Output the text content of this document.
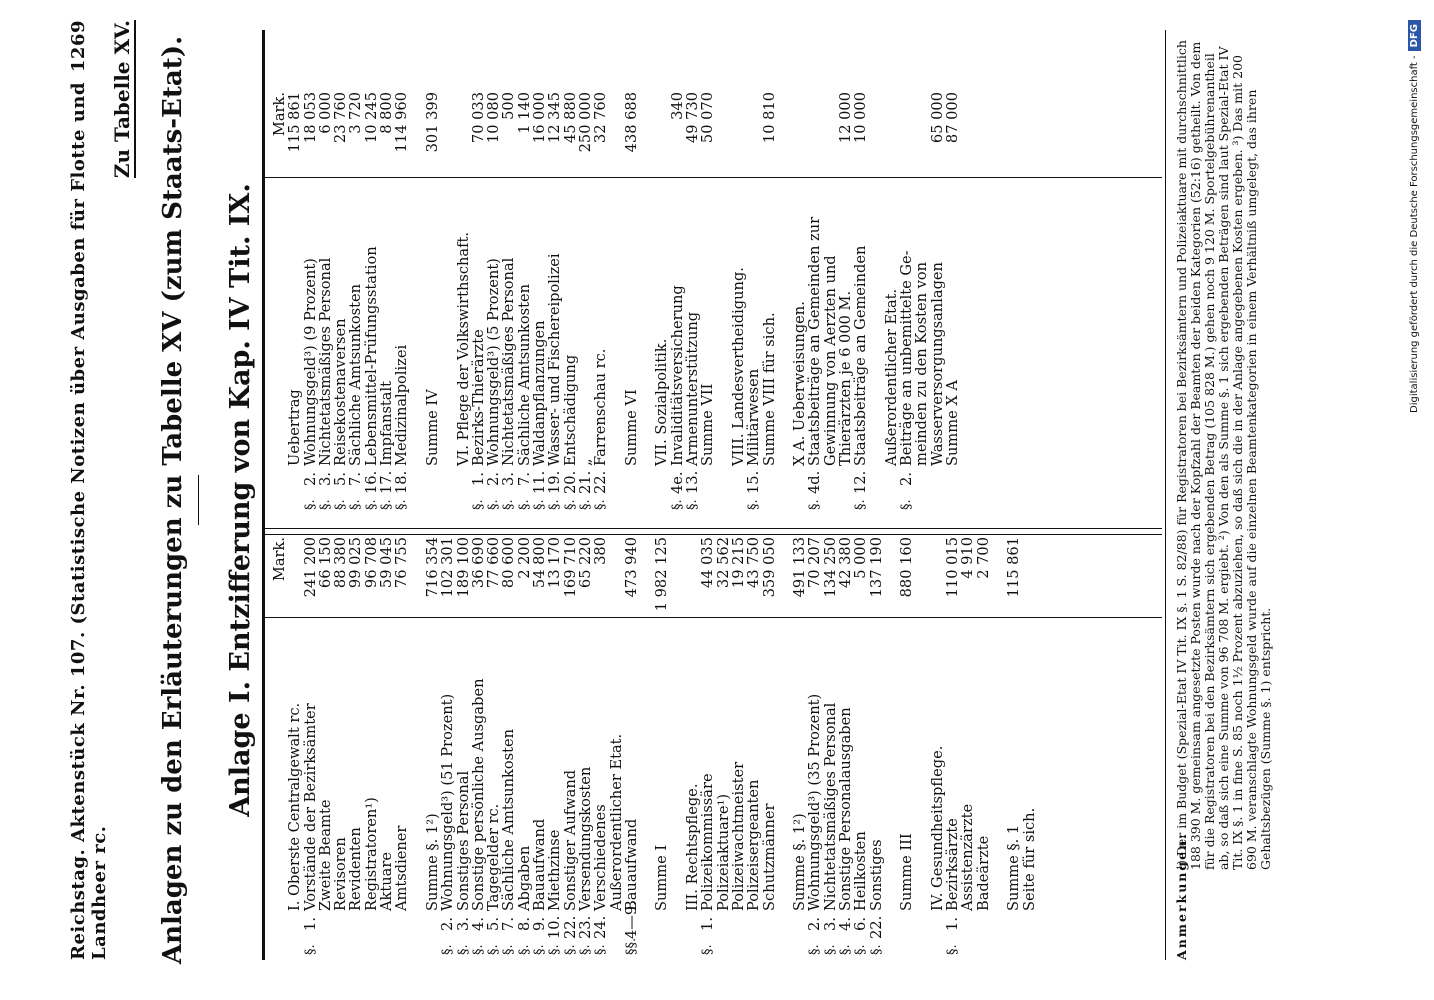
Reichstag. Aktenstück Nr. 107. (Statistische Notizen über Ausgaben für Flotte und Landheer rc.
1269 Zu Tabelle XV. Anlagen zu den Erläuterungen zu Tabelle XV (zum Staats-Etat). Anlage I. Entzifferung von Kap. IV Tit. IX. Mark.
I. Oberste Centralgewalt rc.
§.
1.
Vorstände der Bezirksämter
241 200
Zweite Beamte
66 150
Revisoren
88 380
Revidenten
99 025
Registratoren¹)
96 708
Aktuare
59 045
Amtsdiener
76 755
Summe §. 1²)
716 354
§.
2.
Wohnungsgeld³) (51 Prozent)
102 301
§.
3.
Sonstiges Personal
189 100
§.
4.
Sonstige persönliche Ausgaben
36 690
§.
5.
Tagegelder rc.
77 660
§.
7.
Sächliche Amtsunkosten
80 600
§.
8.
Abgaben
2 200
§.
9.
Bauaufwand
54 800
§.
10.
Miethzinse
13 170
§.
22.
Sonstiger Aufwand
169 710
§.
23.
Versendungskosten
65 220
§.
24.
Verschiedenes
380
Außerordentlicher Etat.
§§.
4—9.
Bauaufwand
473 940
Summe I
1 982 125
III. Rechtspflege.
§.
1.
Polizeikommissäre
44 035
Polizeiaktuare¹)
32 562
Polizeiwachtmeister
19 215
Polizeisergeanten
43 750
Schutzmänner
359 050
Summe §. 1²)
491 133
§.
2.
Wohnungsgeld³) (35 Prozent)
70 207
§.
3.
Nichtetatsmäßiges Personal
134 250
§.
4.
Sonstige Personalausgaben
42 380
§.
6.
Heilkosten
5 000
§.
22.
Sonstiges
137 190
Summe III
880 160
IV. Gesundheitspflege.
§.
1.
Bezirksärzte
110 015
Assistenzärzte
4 910
Badeärzte
2 700
Summe §. 1
115 861
Seite für sich.
Mark.
Uebertrag
115 861
§.
2.
Wohnungsgeld³) (9 Prozent)
18 053
§.
3.
Nichtetatsmäßiges Personal
6 000
§.
5.
Reisekostenaversen
23 760
§.
7.
Sächliche Amtsunkosten
3 720
§.
16.
Lebensmittel-Prüfungsstation
10 245
§.
17.
Impfanstalt
8 800
§.
18.
Medizinalpolizei
114 960
Summe IV
301 399
VI. Pflege der Volkswirthschaft.
§.
1.
Bezirks-Thierärzte
70 033
§.
2.
Wohnungsgeld³) (5 Prozent)
10 080
§.
3.
Nichtetatsmäßiges Personal
500
§.
7.
Sächliche Amtsunkosten
1 140
§.
11.
Waldanpflanzungen
16 000
§.
19.
Wasser- und Fischereipolizei
12 345
§.
20.
Entschädigung
45 880
§.
21.
„
250 000
§.
22.
Farrenschau rc.
32 760
Summe VI
438 688
VII. Sozialpolitik.
§.
4e.
Invaliditätsversicherung
340
§.
13.
Armenunterstützung
49 730
Summe VII
50 070
VIII. Landesvertheidigung.
§.
15.
Militärwesen
Summe VIII für sich.
10 810
X A. Ueberweisungen.
§.
4d.
Staatsbeiträge an Gemeinden zur
Gewinnung von Aerzten und
Thierärzten je 6 000 M.
12 000
§.
12.
Staatsbeiträge an Gemeinden
10 000
Außerordentlicher Etat.
§.
2.
Beiträge an unbemittelte Ge-
meinden zu den Kosten von
Wasserversorgungsanlagen
65 000
Summe X A
87 000
Anmerkungen:¹) Der im Budget (Spezial-Etat IV Tit. IX §. 1 S. 82/88) für Registratoren bei Bezirksämtern und Polizeiaktuare mit durchschnittlich 188 390 M. gemeinsam angesetzte Posten wurde nach der Kopfzahl der Beamten der beiden Kategorien (52:16) getheilt. Von dem für die Registratoren bei den Bezirksämtern sich ergebenden Betrag (105 828 M.) gehen noch 9 120 M. Sportelgebührenantheil ab, so daß sich eine Summe von 96 708 M. ergiebt. ²) Von den als Summe §. 1 sich ergebenden Beträgen sind laut Spezial-Etat IV Tit. IX §. 1 in fine S. 85 noch 1½ Prozent abzuziehen, so daß sich die in der Anlage angegebenen Kosten ergeben. ³) Das mit 200 690 M. veranschlagte Wohnungsgeld wurde auf die einzelnen Beamtenkategorien in einem Verhältniß umgelegt, das ihren Gehaltsbezügen (Summe §. 1) entspricht.
Digitalisierung gefördert durch die Deutsche Forschungsgemeinschaft -DFG
